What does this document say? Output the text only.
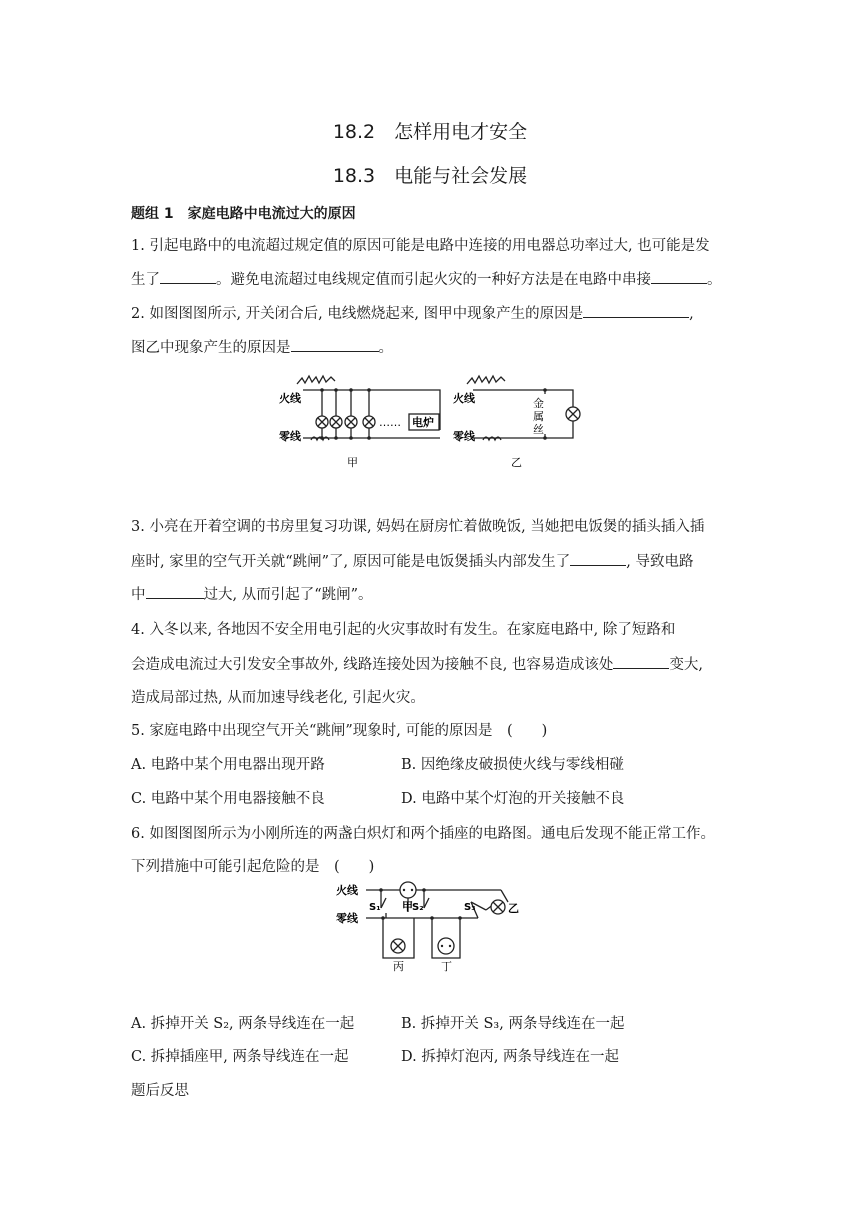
18.2　怎样用电才安全
18.3　电能与社会发展
题组 1　家庭电路中电流过大的原因
1. 引起电路中的电流超过规定值的原因可能是电路中连接的用电器总功率过大, 也可能是发
生了	。避免电流超过电线规定值而引起火灾的一种好方法是在电路中串接	。
2. 如图图图所示, 开关闭合后, 电线燃烧起来, 图甲中现象产生的原因是	,
图乙中现象产生的原因是	。
火线
零线
…… 电炉
甲
火线
零线
金
属
丝
乙
3. 小亮在开着空调的书房里复习功课, 妈妈在厨房忙着做晚饭, 当她把电饭煲的插头插入插
座时, 家里的空气开关就“跳闸”了, 原因可能是电饭煲插头内部发生了	, 导致电路
中	过大, 从而引起了“跳闸”。
4. 入冬以来, 各地因不安全用电引起的火灾事故时有发生。在家庭电路中, 除了短路和
会造成电流过大引发安全事故外, 线路连接处因为接触不良, 也容易造成该处	变大,
造成局部过热, 从而加速导线老化, 引起火灾。
5. 家庭电路中出现空气开关“跳闸”现象时, 可能的原因是　(　　)
A. 电路中某个用电器出现开路	B. 因绝缘皮破损使火线与零线相碰
C. 电路中某个用电器接触不良	D. 电路中某个灯泡的开关接触不良
6. 如图图图所示为小刚所连的两盏白炽灯和两个插座的电路图。通电后发现不能正常工作。
下列措施中可能引起危险的是　(　　)
火线
零线
S₁ 甲 S₂	S₃	乙
丙	丁
A. 拆掉开关 S₂, 两条导线连在一起	B. 拆掉开关 S₃, 两条导线连在一起
C. 拆掉插座甲, 两条导线连在一起	D. 拆掉灯泡丙, 两条导线连在一起
题后反思
